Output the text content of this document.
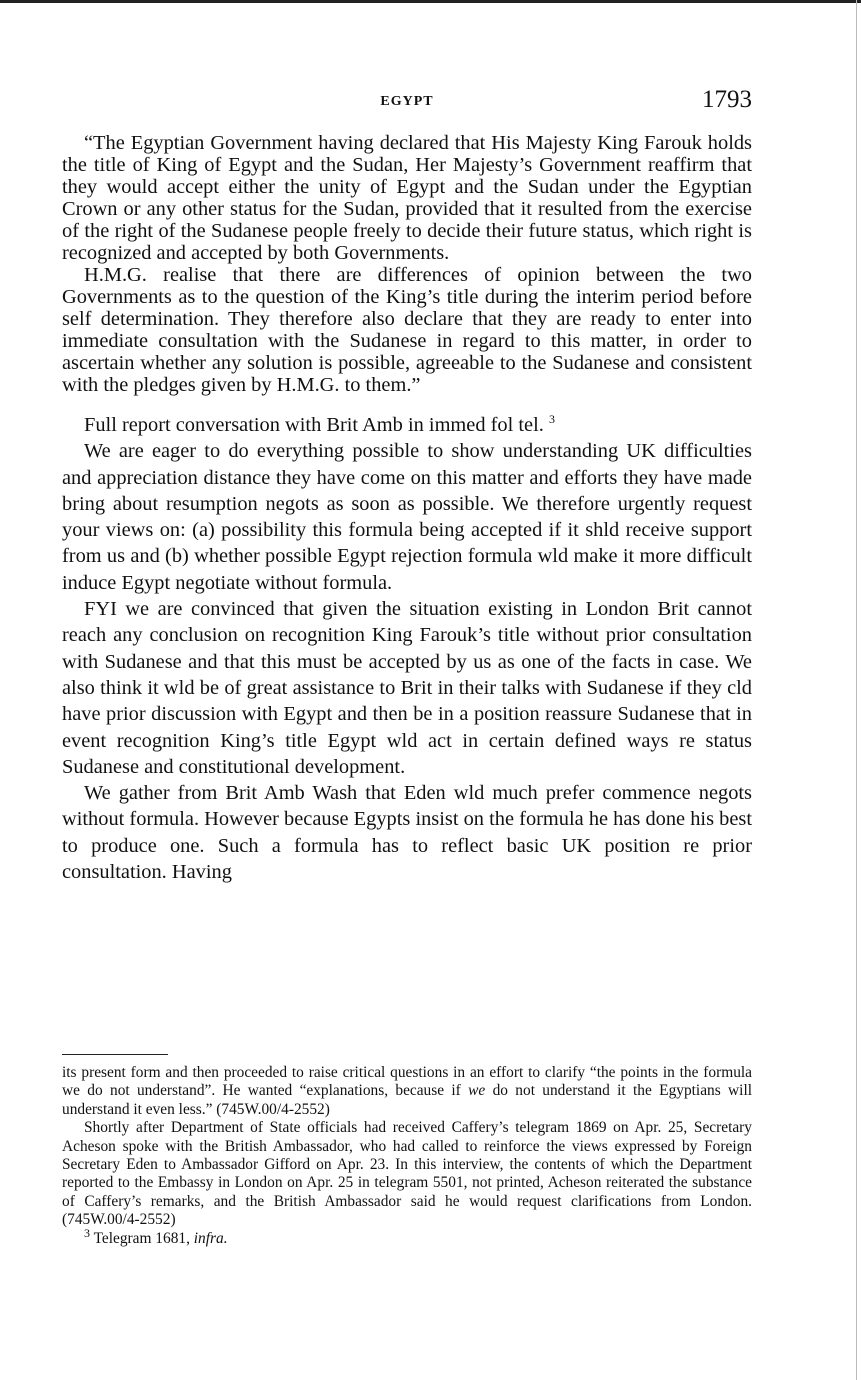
EGYPT	1793

“The Egyptian Government having declared that His Majesty King Farouk holds the title of King of Egypt and the Sudan, Her Majesty’s Government reaffirm that they would accept either the unity of Egypt and the Sudan under the Egyptian Crown or any other status for the Sudan, provided that it resulted from the exercise of the right of the Sudanese people freely to decide their future status, which right is recognized and accepted by both Governments.

H.M.G. realise that there are differences of opinion between the two Governments as to the question of the King’s title during the interim period before self determination. They therefore also declare that they are ready to enter into immediate consultation with the Sudanese in regard to this matter, in order to ascertain whether any solution is possible, agreeable to the Sudanese and consistent with the pledges given by H.M.G. to them.”

Full report conversation with Brit Amb in immed fol tel. $^3$

We are eager to do everything possible to show understanding UK difficulties and appreciation distance they have come on this matter and efforts they have made bring about resumption negots as soon as possible. We therefore urgently request your views on: (a) possibility this formula being accepted if it shld receive support from us and (b) whether possible Egypt rejection formula wld make it more difficult induce Egypt negotiate without formula.

FYI we are convinced that given the situation existing in London Brit cannot reach any conclusion on recognition King Farouk’s title without prior consultation with Sudanese and that this must be accepted by us as one of the facts in case. We also think it wld be of great assistance to Brit in their talks with Sudanese if they cld have prior discussion with Egypt and then be in a position reassure Sudanese that in event recognition King’s title Egypt wld act in certain defined ways re status Sudanese and constitutional development.

We gather from Brit Amb Wash that Eden wld much prefer commence negots without formula. However because Egypts insist on the formula he has done his best to produce one. Such a formula has to reflect basic UK position re prior consultation. Having

its present form and then proceeded to raise critical questions in an effort to clarify “the points in the formula we do not understand”. He wanted “explanations, because if we do not understand it the Egyptians will understand it even less.” (745W.00/4-2552)

Shortly after Department of State officials had received Caffery’s telegram 1869 on Apr. 25, Secretary Acheson spoke with the British Ambassador, who had called to reinforce the views expressed by Foreign Secretary Eden to Ambassador Gifford on Apr. 23. In this interview, the contents of which the Department reported to the Embassy in London on Apr. 25 in telegram 5501, not printed, Acheson reiterated the substance of Caffery’s remarks, and the British Ambassador said he would request clarifications from London. (745W.00/4-2552)

$^3$ Telegram 1681, infra.
